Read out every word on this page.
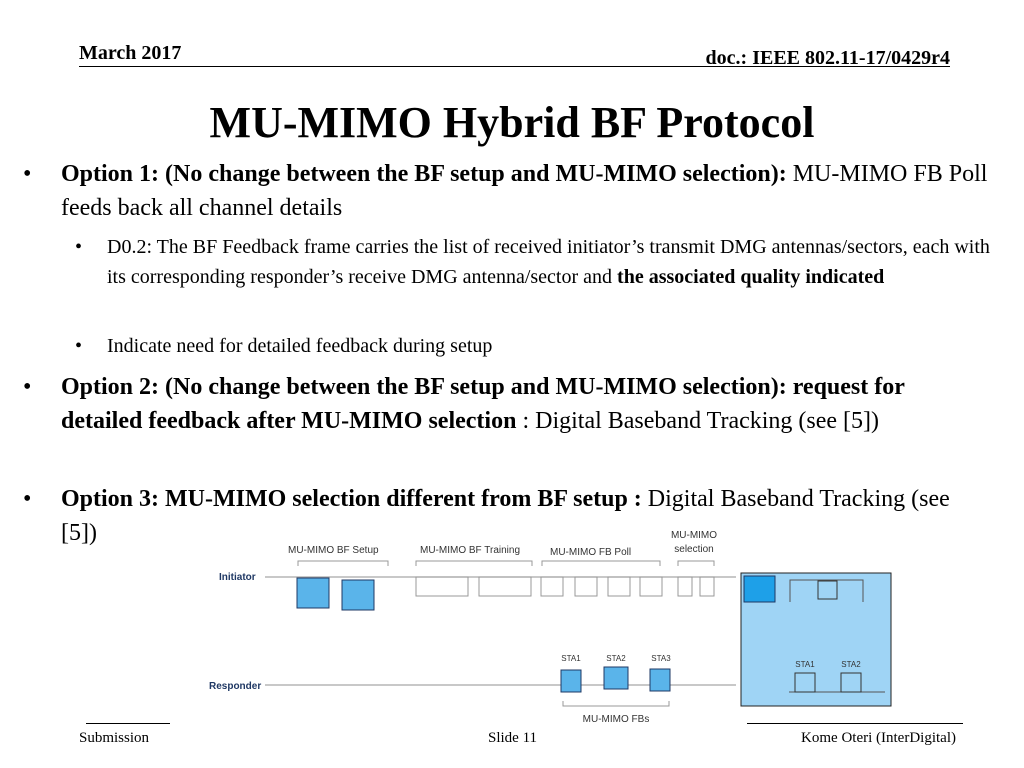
March 2017	doc.: IEEE 802.11-17/0429r4
MU-MIMO Hybrid BF Protocol
• Option 1: (No change between the BF setup and MU-MIMO selection): MU-MIMO FB Poll feeds back all channel details
• D0.2: The BF Feedback frame carries the list of received initiator’s transmit DMG antennas/sectors, each with its corresponding responder’s receive DMG antenna/sector and the associated quality indicated
• Indicate need for detailed feedback during setup
• Option 2: (No change between the BF setup and MU-MIMO selection): request for detailed feedback after MU-MIMO selection : Digital Baseband Tracking (see [5])
• Option 3: MU-MIMO selection different from BF setup : Digital Baseband Tracking (see [5])
MU-MIMO BF Setup	MU-MIMO BF Training	MU-MIMO FB Poll
MU-MIMO
selection
Initiator
Responder
STA1	STA2	STA3
MU-MIMO FBs
STA1	STA2
Submission	Slide 11	Kome Oteri (InterDigital)
